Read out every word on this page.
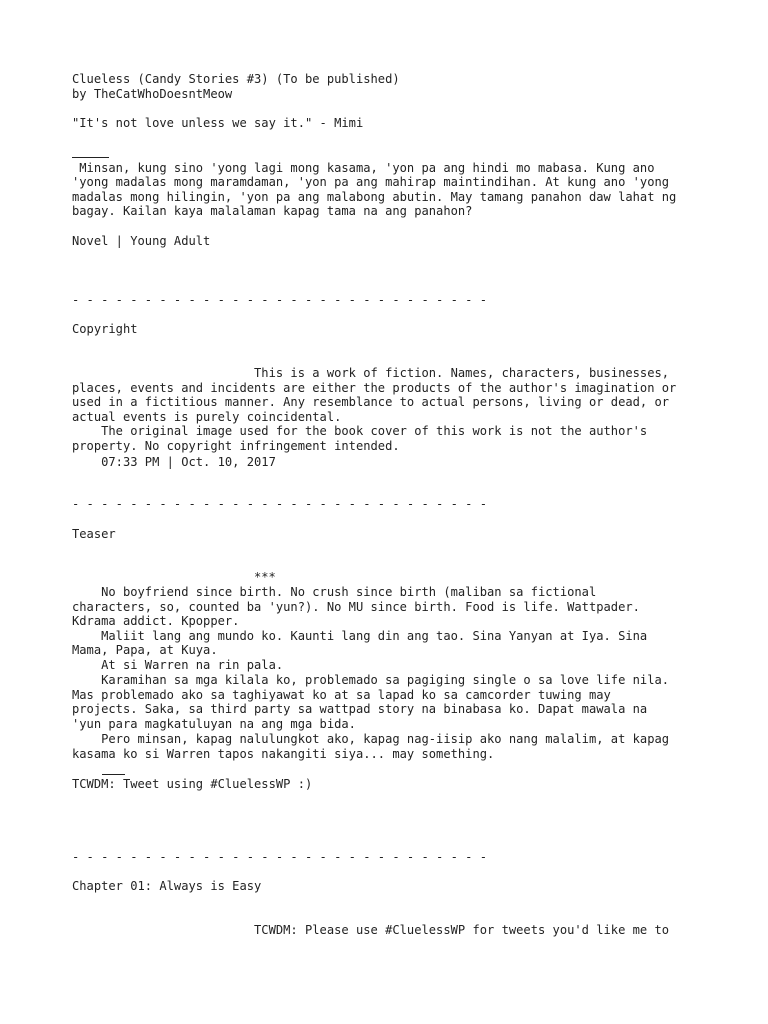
Clueless (Candy Stories #3) (To be published)
by TheCatWhoDoesntMeow
"It's not love unless we say it." - Mimi
Minsan, kung sino 'yong lagi mong kasama, 'yon pa ang hindi mo mabasa. Kung ano
'yong madalas mong maramdaman, 'yon pa ang mahirap maintindihan. At kung ano 'yong
madalas mong hilingin, 'yon pa ang malabong abutin. May tamang panahon daw lahat ng
bagay. Kailan kaya malalaman kapag tama na ang panahon?
Novel | Young Adult
- - - - - - - - - - - - - - - - - - - - - - - - - - - - -
Copyright
This is a work of fiction. Names, characters, businesses,
places, events and incidents are either the products of the author's imagination or
used in a fictitious manner. Any resemblance to actual persons, living or dead, or
actual events is purely coincidental.
The original image used for the book cover of this work is not the author's
property. No copyright infringement intended.
07:33 PM | Oct. 10, 2017
- - - - - - - - - - - - - - - - - - - - - - - - - - - - -
Teaser
***
No boyfriend since birth. No crush since birth (maliban sa fictional
characters, so, counted ba 'yun?). No MU since birth. Food is life. Wattpader.
Kdrama addict. Kpopper.
Maliit lang ang mundo ko. Kaunti lang din ang tao. Sina Yanyan at Iya. Sina
Mama, Papa, at Kuya.
At si Warren na rin pala.
Karamihan sa mga kilala ko, problemado sa pagiging single o sa love life nila.
Mas problemado ako sa taghiyawat ko at sa lapad ko sa camcorder tuwing may
projects. Saka, sa third party sa wattpad story na binabasa ko. Dapat mawala na
'yun para magkatuluyan na ang mga bida.
Pero minsan, kapag nalulungkot ako, kapag nag-iisip ako nang malalim, at kapag
kasama ko si Warren tapos nakangiti siya... may something.
TCWDM: Tweet using #CluelessWP :)
- - - - - - - - - - - - - - - - - - - - - - - - - - - - -
Chapter 01: Always is Easy
TCWDM: Please use #CluelessWP for tweets you'd like me to
